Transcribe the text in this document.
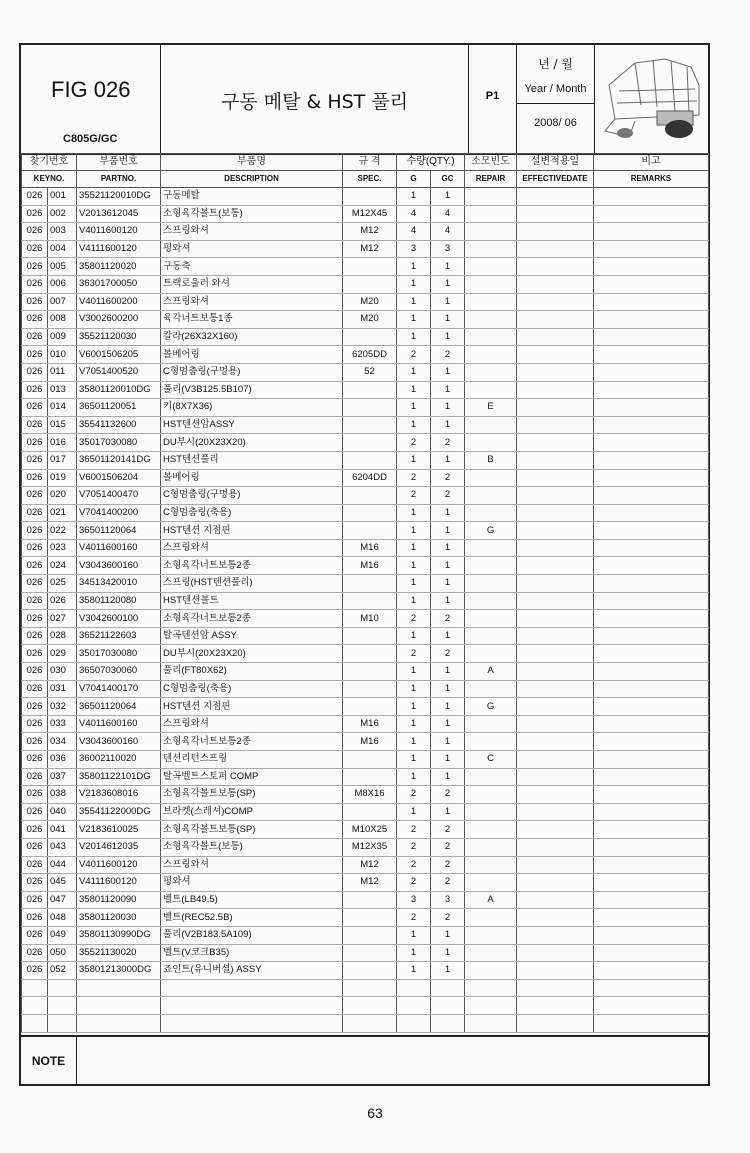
FIG 026
C805G/GC
구동 메탈 & HST 풀리	P1
년 / 월
Year / Month
2008/ 06
찾기번호		부품번호	부품명	규 격	수량(QTY.)		소모빈도	설변적용일	비고
KEYNO.		PARTNO.	DESCRIPTION	SPEC.	G	GC	REPAIR	EFFECTIVEDATE	REMARKS
026	001	35521120010DG	구동메탈		1	1			
026	002	V2013612045	소형육각볼트(보통)	M12X45	4	4			
026	003	V4011600120	스프링와셔	M12	4	4			
026	004	V4111600120	평와셔	M12	3	3			
026	005	35801120020	구동축		1	1			
026	006	36301700050	트랙로울러 와셔		1	1			
026	007	V4011600200	스프링와셔	M20	1	1			
026	008	V3002600200	육각너트보통1종	M20	1	1			
026	009	35521120030	칼라(26X32X160)		1	1			
026	010	V6001506205	볼베어링	6205DD	2	2			
026	011	V7051400520	C형멈춤링(구멍용)	52	1	1			
026	013	35801120010DG	풀리(V3B125.5B107)		1	1			
026	014	36501120051	키(8X7X36)		1	1	E		
026	015	35541132600	HST텐션암ASSY		1	1			
026	016	35017030080	DU부시(20X23X20)		2	2			
026	017	36501120141DG	HST텐션풀리		1	1	B		
026	019	V6001506204	볼베어링	6204DD	2	2			
026	020	V7051400470	C형멈춤링(구멍용)		2	2			
026	021	V7041400200	C형멈춤링(축용)		1	1			
026	022	36501120064	HST텐션 지점핀		1	1	G		
026	023	V4011600160	스프링와셔	M16	1	1			
026	024	V3043600160	소형육각너트보통2종	M16	1	1			
026	025	34513420010	스프링(HST텐션풀리)		1	1			
026	026	35801120080	HST텐션볼트		1	1			
026	027	V3042600100	소형육각너트보통2종	M10	2	2			
026	028	36521122603	탈곡텐션암 ASSY		1	1			
026	029	35017030080	DU부시(20X23X20)		2	2			
026	030	36507030060	풀리(FT80X62)		1	1	A		
026	031	V7041400170	C형멈춤링(축용)		1	1			
026	032	36501120064	HST텐션 지점핀		1	1	G		
026	033	V4011600160	스프링와셔	M16	1	1			
026	034	V3043600160	소형육각너트보통2종	M16	1	1			
026	036	36002110020	텐션리턴스프링		1	1	C		
026	037	35801122101DG	탈곡벨트스토퍼 COMP		1	1			
026	038	V2183608016	소형육각볼트보통(SP)	M8X16	2	2			
026	040	35541122000DG	브라켓(스레셔)COMP		1	1			
026	041	V2183610025	소형육각볼트보통(SP)	M10X25	2	2			
026	043	V2014612035	소형육각볼트(보통)	M12X35	2	2			
026	044	V4011600120	스프링와셔	M12	2	2			
026	045	V4111600120	평와셔	M12	2	2			
026	047	35801120090	벨트(LB49.5)		3	3	A		
026	048	35801120030	벨트(REC52.5B)		2	2			
026	049	35801130990DG	풀리(V2B183.5A109)		1	1			
026	050	35521130020	벨트(V코크B35)		1	1			
026	052	35801213000DG	죠인트(유니버셜) ASSY		1	1			

NOTE
63
